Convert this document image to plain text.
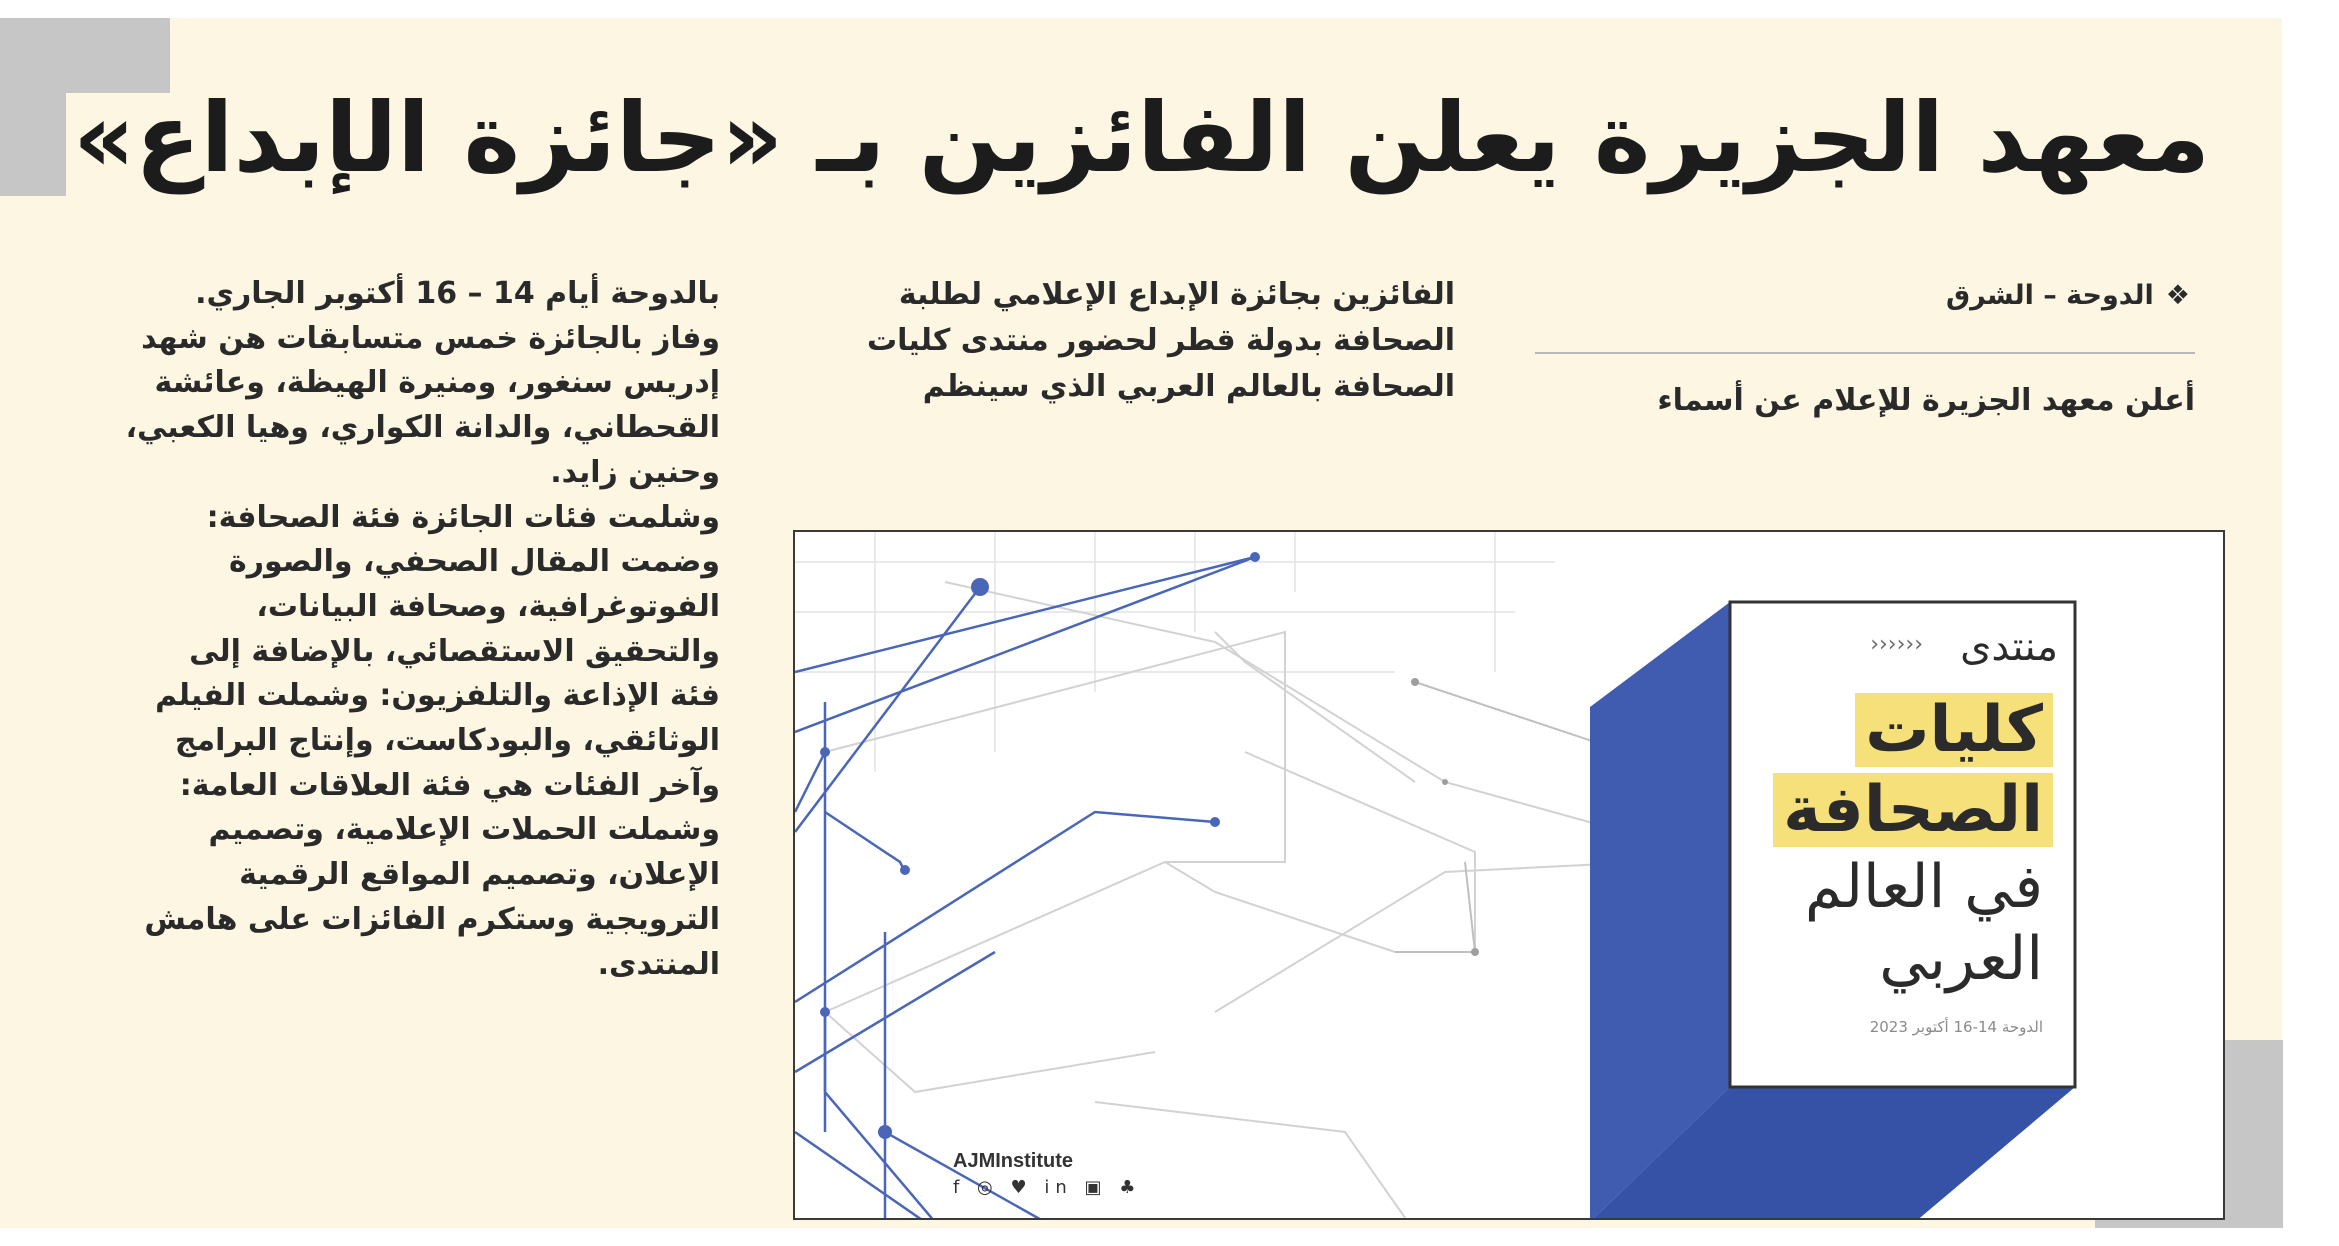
معهد الجزيرة يعلن الفائزين بـ «جائزة الإبداع»
❖الدوحة – الشرق

أعلن معهد الجزيرة للإعلام عن أسماء

الفائزين بجائزة الإبداع الإعلامي لطلبة

الصحافة بدولة قطر لحضور منتدى كليات

الصحافة بالعالم العربي الذي سينظم

بالدوحة أيام 14 – 16 أكتوبر الجاري.

وفاز بالجائزة خمس متسابقات هن شهد

إدريس سنغور، ومنيرة الهيظة، وعائشة

القحطاني، والدانة الكواري، وهيا الكعبي،

وحنين زايد.

وشلمت فئات الجائزة فئة الصحافة:

وضمت المقال الصحفي، والصورة

الفوتوغرافية، وصحافة البيانات،

والتحقيق الاستقصائي، بالإضافة إلى

فئة الإذاعة والتلفزيون: وشملت الفيلم

الوثائقي، والبودكاست، وإنتاج البرامج

وآخر الفئات هي فئة العلاقات العامة:

وشملت الحملات الإعلامية، وتصميم

الإعلان، وتصميم المواقع الرقمية

الترويجية وستكرم الفائزات على هامش

المنتدى.

منتدى
‹‹‹‹‹‹
كليات
الصحافة
في العالم
العربي
الدوحة 14-16 أكتوبر 2023
AJMInstitute
f ◎ ♥ in ▣ ♣
